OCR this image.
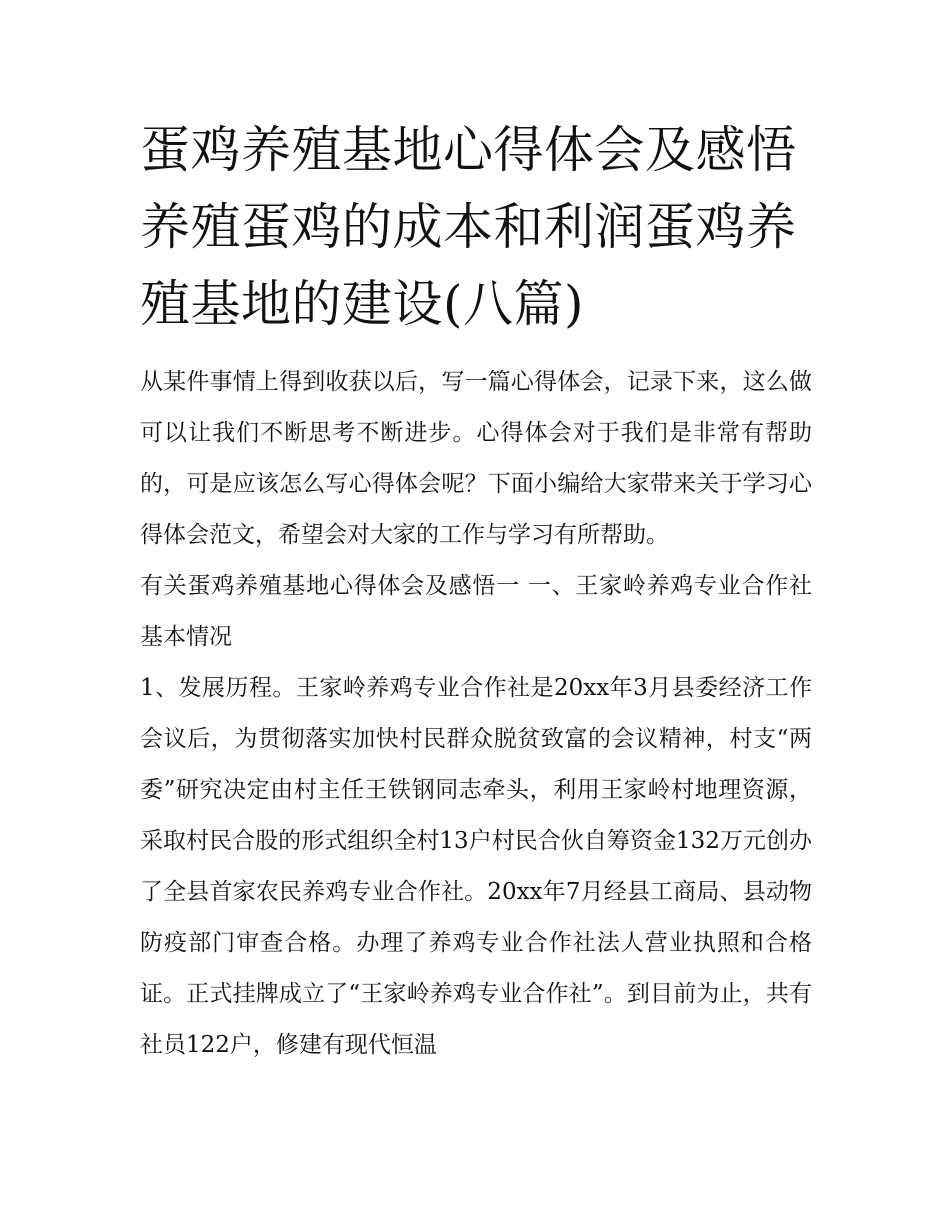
蛋鸡养殖基地心得体会及感悟养殖蛋鸡的成本和利润蛋鸡养殖基地的建设(八篇)

从某件事情上得到收获以后，写一篇心得体会，记录下来，这么做可以让我们不断思考不断进步。心得体会对于我们是非常有帮助的，可是应该怎么写心得体会呢？下面小编给大家带来关于学习心得体会范文，希望会对大家的工作与学习有所帮助。

有关蛋鸡养殖基地心得体会及感悟一 一、王家岭养鸡专业合作社基本情况

1、发展历程。王家岭养鸡专业合作社是20xx年3月县委经济工作会议后，为贯彻落实加快村民群众脱贫致富的会议精神，村支“两委”研究决定由村主任王铁钢同志牵头，利用王家岭村地理资源，采取村民合股的形式组织全村13户村民合伙自筹资金132万元创办了全县首家农民养鸡专业合作社。20xx年7月经县工商局、县动物防疫部门审查合格。办理了养鸡专业合作社法人营业执照和合格证。正式挂牌成立了“王家岭养鸡专业合作社”。到目前为止，共有社员122户，修建有现代恒温
